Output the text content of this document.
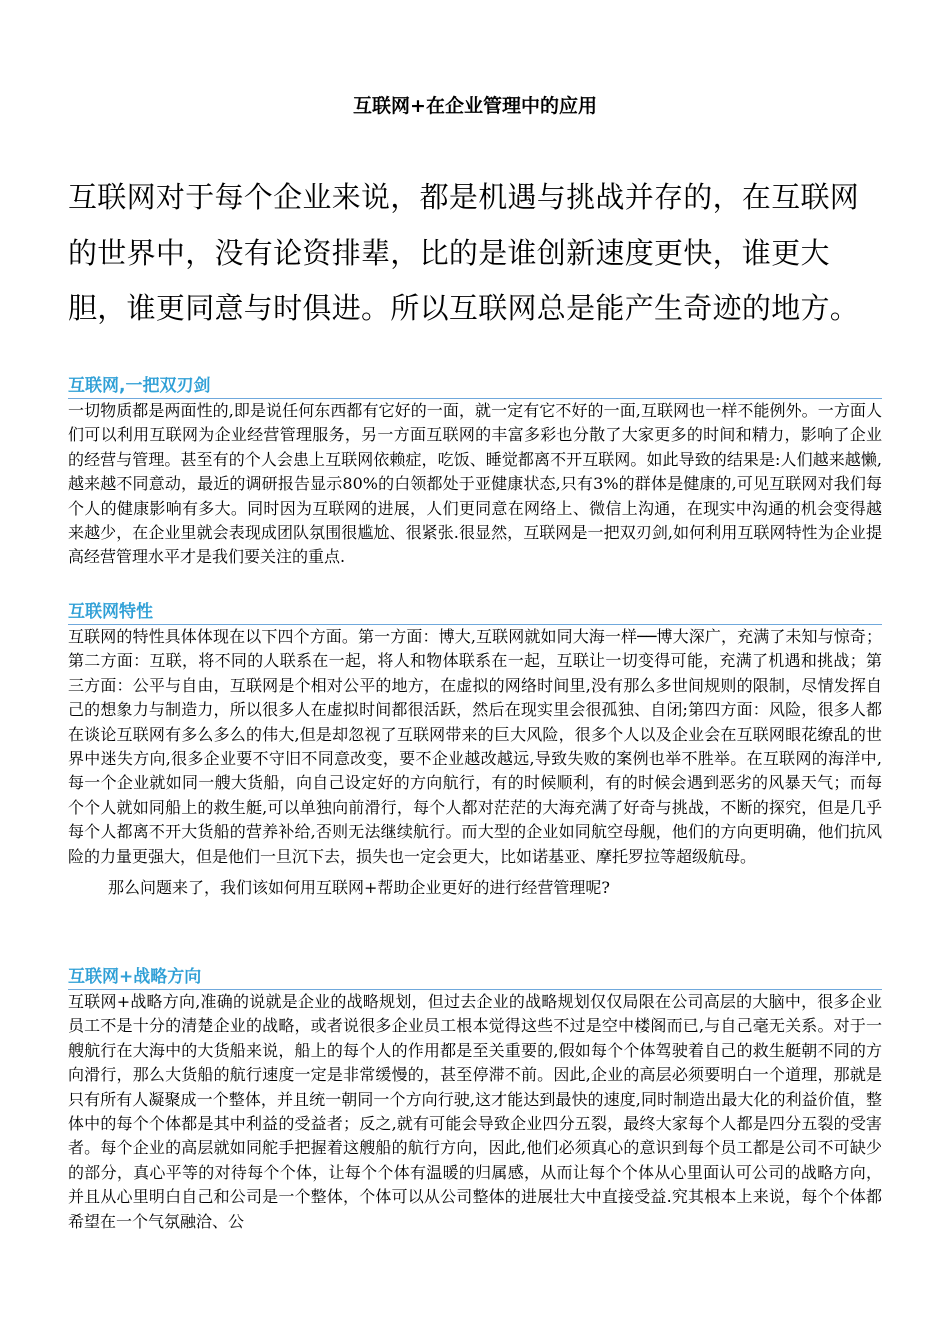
互联网+在企业管理中的应用

互联网对于每个企业来说，都是机遇与挑战并存的，在互联网的世界中，没有论资排辈，比的是谁创新速度更快，谁更大胆，谁更同意与时俱进。所以互联网总是能产生奇迹的地方。

互联网,一把双刃剑

一切物质都是两面性的,即是说任何东西都有它好的一面，就一定有它不好的一面,互联网也一样不能例外。一方面人们可以利用互联网为企业经营管理服务，另一方面互联网的丰富多彩也分散了大家更多的时间和精力，影响了企业的经营与管理。甚至有的个人会患上互联网依赖症，吃饭、睡觉都离不开互联网。如此导致的结果是:人们越来越懒,越来越不同意动，最近的调研报告显示80%的白领都处于亚健康状态,只有3%的群体是健康的,可见互联网对我们每个人的健康影响有多大。同时因为互联网的进展，人们更同意在网络上、微信上沟通，在现实中沟通的机会变得越来越少，在企业里就会表现成团队氛围很尴尬、很紧张.很显然，互联网是一把双刃剑,如何利用互联网特性为企业提高经营管理水平才是我们要关注的重点.

互联网特性

互联网的特性具体体现在以下四个方面。第一方面：博大,互联网就如同大海一样──博大深广，充满了未知与惊奇；第二方面：互联，将不同的人联系在一起，将人和物体联系在一起，互联让一切变得可能，充满了机遇和挑战；第三方面：公平与自由，互联网是个相对公平的地方，在虚拟的网络时间里,没有那么多世间规则的限制，尽情发挥自己的想象力与制造力，所以很多人在虚拟时间都很活跃，然后在现实里会很孤独、自闭;第四方面：风险，很多人都在谈论互联网有多么多么的伟大,但是却忽视了互联网带来的巨大风险，很多个人以及企业会在互联网眼花缭乱的世界中迷失方向,很多企业要不守旧不同意改变，要不企业越改越远,导致失败的案例也举不胜举。在互联网的海洋中,每一个企业就如同一艘大货船，向自己设定好的方向航行，有的时候顺利，有的时候会遇到恶劣的风暴天气；而每个个人就如同船上的救生艇,可以单独向前滑行，每个人都对茫茫的大海充满了好奇与挑战，不断的探究，但是几乎每个人都离不开大货船的营养补给,否则无法继续航行。而大型的企业如同航空母舰，他们的方向更明确，他们抗风险的力量更强大，但是他们一旦沉下去，损失也一定会更大，比如诺基亚、摩托罗拉等超级航母。

那么问题来了，我们该如何用互联网+帮助企业更好的进行经营管理呢?

互联网+战略方向

互联网+战略方向,准确的说就是企业的战略规划，但过去企业的战略规划仅仅局限在公司高层的大脑中，很多企业员工不是十分的清楚企业的战略，或者说很多企业员工根本觉得这些不过是空中楼阁而已,与自己毫无关系。对于一艘航行在大海中的大货船来说，船上的每个人的作用都是至关重要的,假如每个个体驾驶着自己的救生艇朝不同的方向滑行，那么大货船的航行速度一定是非常缓慢的，甚至停滞不前。因此,企业的高层必须要明白一个道理，那就是只有所有人凝聚成一个整体，并且统一朝同一个方向行驶,这才能达到最快的速度,同时制造出最大化的利益价值，整体中的每个个体都是其中利益的受益者；反之,就有可能会导致企业四分五裂，最终大家每个人都是四分五裂的受害者。每个企业的高层就如同舵手把握着这艘船的航行方向，因此,他们必须真心的意识到每个员工都是公司不可缺少的部分，真心平等的对待每个个体，让每个个体有温暖的归属感，从而让每个个体从心里面认可公司的战略方向，并且从心里明白自己和公司是一个整体，个体可以从公司整体的进展壮大中直接受益.究其根本上来说，每个个体都希望在一个气氛融洽、公
